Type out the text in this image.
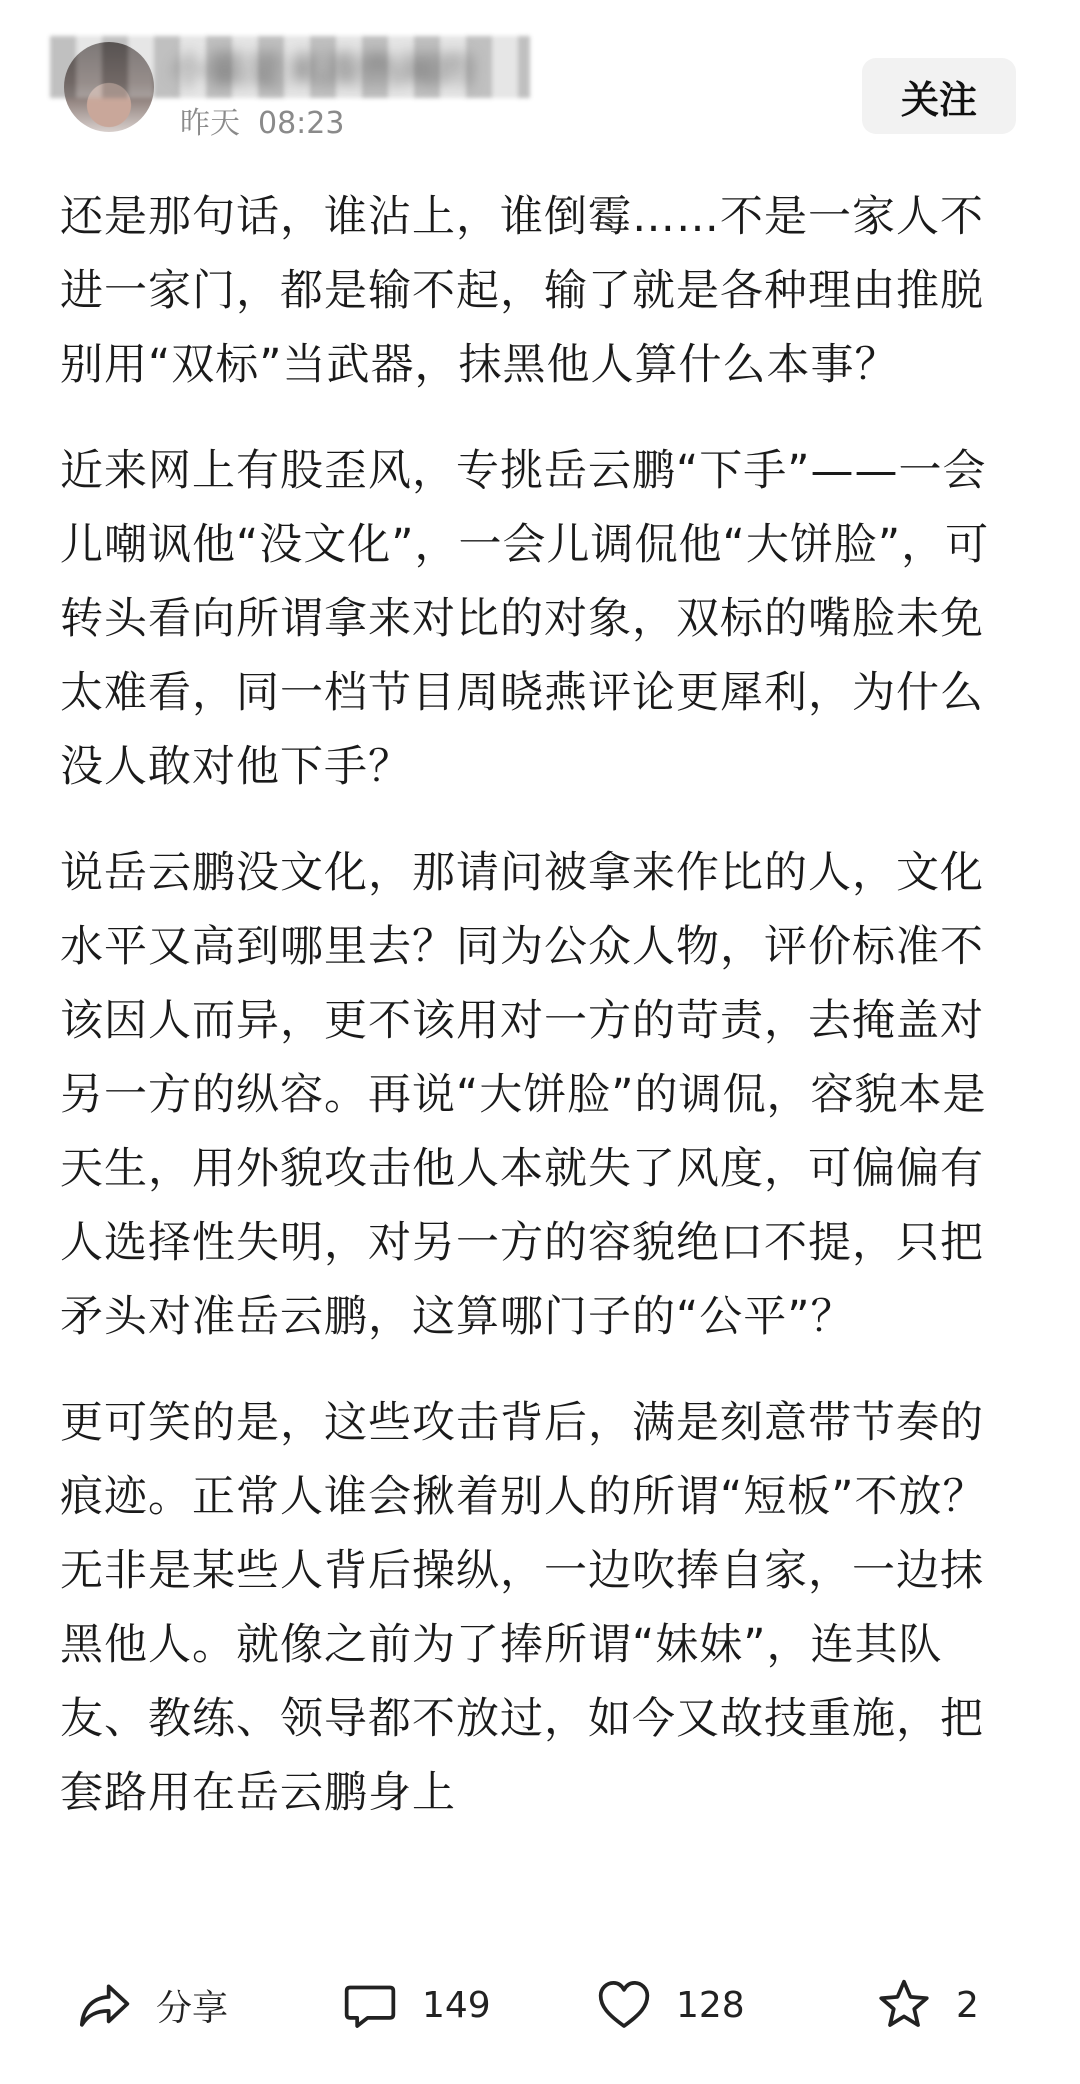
小猫是来凑热闹的
昨天 08:23
关注

还是那句话，谁沾上，谁倒霉……不是一家人不进一家门，都是输不起，输了就是各种理由推脱别用“双标”当武器，抹黑他人算什么本事？

近来网上有股歪风，专挑岳云鹏“下手”——一会儿嘲讽他“没文化”，一会儿调侃他“大饼脸”，可转头看向所谓拿来对比的对象，双标的嘴脸未免太难看，同一档节目周晓燕评论更犀利，为什么没人敢对他下手？

说岳云鹏没文化，那请问被拿来作比的人，文化水平又高到哪里去？同为公众人物，评价标准不该因人而异，更不该用对一方的苛责，去掩盖对另一方的纵容。再说“大饼脸”的调侃，容貌本是天生，用外貌攻击他人本就失了风度，可偏偏有人选择性失明，对另一方的容貌绝口不提，只把矛头对准岳云鹏，这算哪门子的“公平”？

更可笑的是，这些攻击背后，满是刻意带节奏的痕迹。正常人谁会揪着别人的所谓“短板”不放？无非是某些人背后操纵，一边吹捧自家，一边抹黑他人。就像之前为了捧所谓“妹妹”，连其队友、教练、领导都不放过，如今又故技重施，把套路用在岳云鹏身上

分享	149	128	2
